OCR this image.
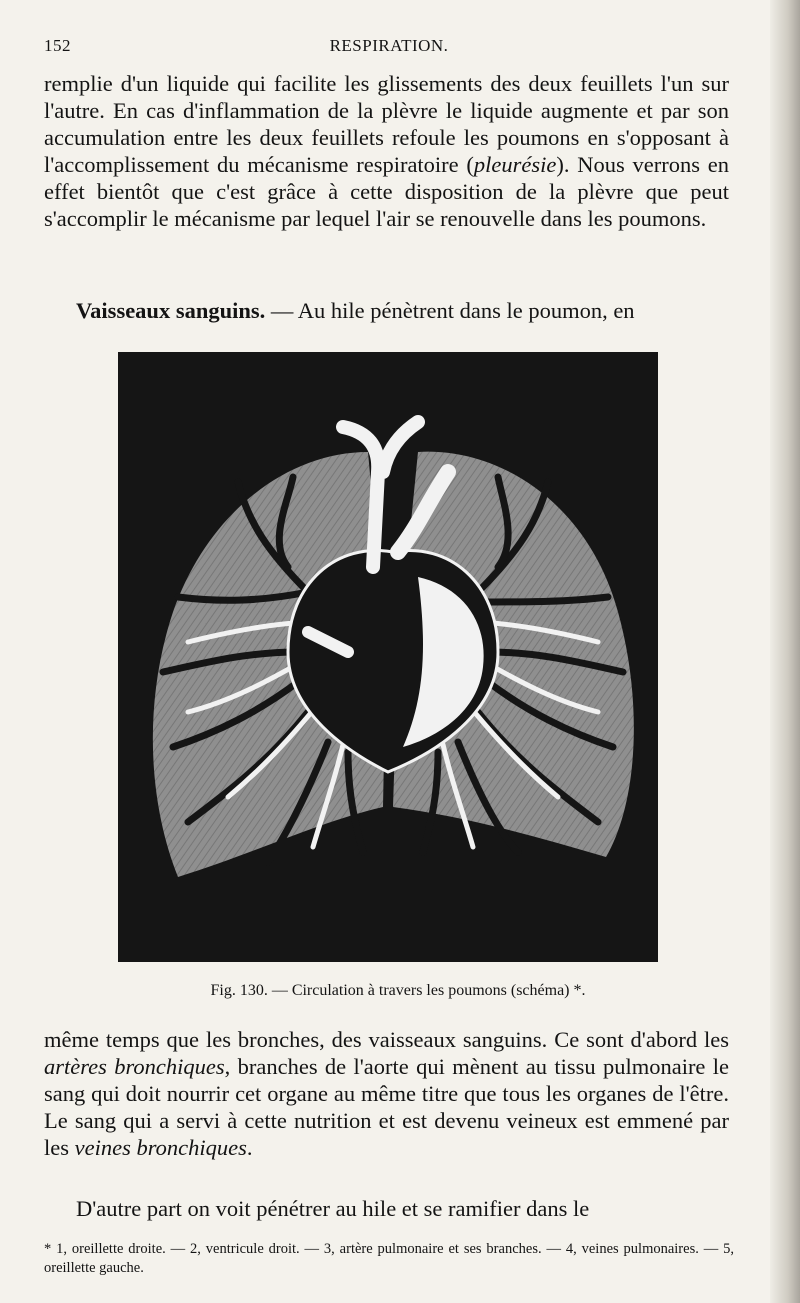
152	RESPIRATION.

remplie d'un liquide qui facilite les glissements des deux feuillets l'un sur l'autre. En cas d'inflammation de la plèvre le liquide augmente et par son accumulation entre les deux feuillets refoule les poumons en s'opposant à l'accomplissement du mécanisme respiratoire (pleurésie). Nous verrons en effet bientôt que c'est grâce à cette disposition de la plèvre que peut s'accomplir le mécanisme par lequel l'air se renouvelle dans les poumons.

Vaisseaux sanguins. — Au hile pénètrent dans le poumon, en

Fig. 130. — Circulation à travers les poumons (schéma) *.

même temps que les bronches, des vaisseaux sanguins. Ce sont d'abord les artères bronchiques, branches de l'aorte qui mènent au tissu pulmonaire le sang qui doit nourrir cet organe au même titre que tous les organes de l'être. Le sang qui a servi à cette nutrition et est devenu veineux est emmené par les veines bronchiques.

D'autre part on voit pénétrer au hile et se ramifier dans le

* 1, oreillette droite. — 2, ventricule droit. — 3, artère pulmonaire et ses branches. — 4, veines pulmonaires. — 5, oreillette gauche.
